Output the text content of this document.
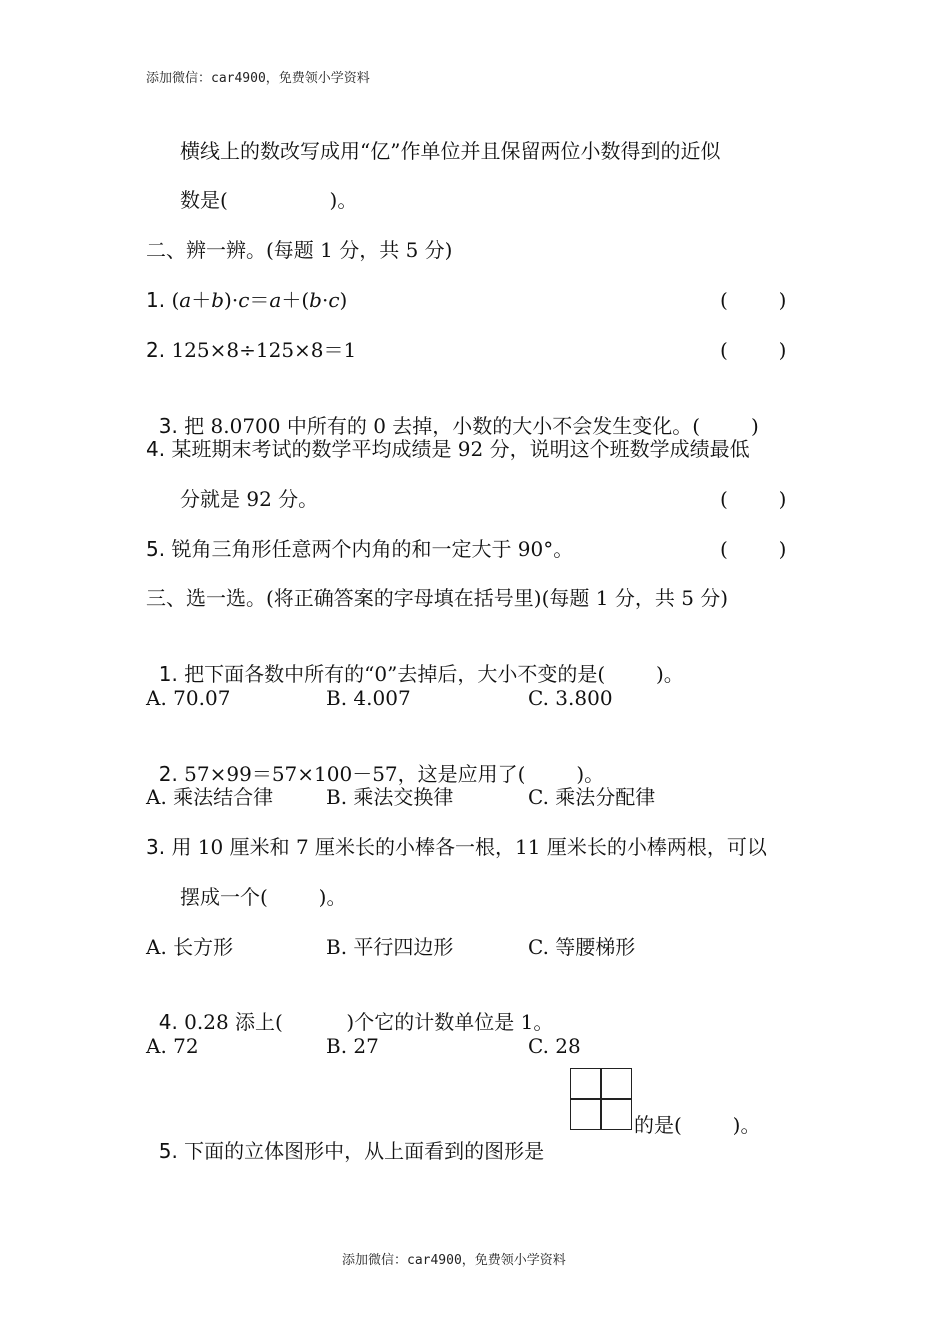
添加微信：car4900，免费领小学资料
横线上的数改写成用“亿”作单位并且保留两位小数得到的近似
数是(                )。
二、辨一辨。(每题 1 分，共 5 分)
1. (a＋b)·c＝a＋(b·c)	(        )
2. 125×8÷125×8＝1	(        )

3. 把 8.0700 中所有的 0 去掉，小数的大小不会发生变化。(        )

4. 某班期末考试的数学平均成绩是 92 分，说明这个班数学成绩最低
分就是 92 分。	(        )
5. 锐角三角形任意两个内角的和一定大于 90°。	(        )
三、选一选。(将正确答案的字母填在括号里)(每题 1 分，共 5 分)

1. 把下面各数中所有的“0”去掉后，大小不变的是(        )。

A. 70.07	B. 4.007	C. 3.800

2. 57×99＝57×100－57，这是应用了(        )。

A. 乘法结合律	B. 乘法交换律	C. 乘法分配律
3. 用 10 厘米和 7 厘米长的小棒各一根，11 厘米长的小棒两根，可以
摆成一个(        )。
A. 长方形	B. 平行四边形	C. 等腰梯形

4. 0.28 添上(          )个它的计数单位是 1。

A. 72	B. 27	C. 28

5. 下面的立体图形中，从上面看到的图形是

的是(        )。
添加微信：car4900，免费领小学资料
